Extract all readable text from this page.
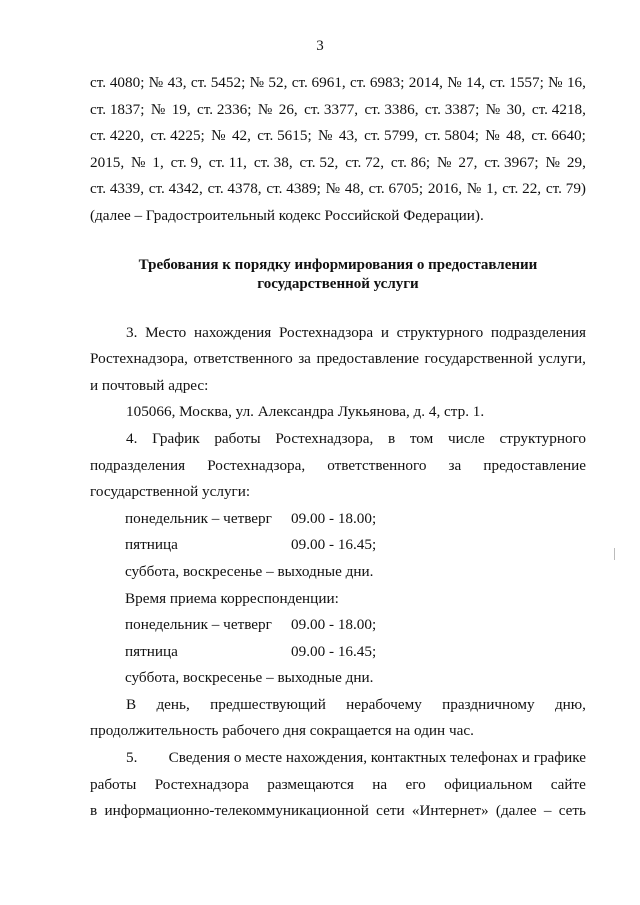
3
ст. 4080; № 43, ст. 5452; № 52, ст. 6961, ст. 6983; 2014, № 14, ст. 1557; № 16,
ст. 1837; № 19, ст. 2336; № 26, ст. 3377, ст. 3386, ст. 3387; № 30, ст. 4218,
ст. 4220, ст. 4225; № 42, ст. 5615; № 43, ст. 5799, ст. 5804; № 48, ст. 6640;
2015, № 1, ст. 9, ст. 11, ст. 38, ст. 52, ст. 72, ст. 86; № 27, ст. 3967; № 29,
ст. 4339, ст. 4342, ст. 4378, ст. 4389; № 48, ст. 6705; 2016, № 1, ст. 22, ст. 79)
(далее – Градостроительный кодекс Российской Федерации).
Требования к порядку информирования о предоставлении
государственной услуги
3. Место нахождения Ростехнадзора и структурного подразделения
Ростехнадзора, ответственного за предоставление государственной услуги,
и почтовый адрес:
105066, Москва, ул. Александра Лукьянова, д. 4, стр. 1.
4. График работы Ростехнадзора, в том числе структурного
подразделения Ростехнадзора, ответственного за предоставление
государственной услуги:
понедельник – четверг	09.00 - 18.00;
пятница	09.00 - 16.45;
суббота, воскресенье – выходные дни.
Время приема корреспонденции:
понедельник – четверг	09.00 - 18.00;
пятница	09.00 - 16.45;
суббота, воскресенье – выходные дни.
В день, предшествующий нерабочему праздничному дню,
продолжительность рабочего дня сокращается на один час.
5. Сведения о месте нахождения, контактных телефонах и графике
работы Ростехнадзора размещаются на его официальном сайте
в информационно-телекоммуникационной сети «Интернет» (далее – сеть
